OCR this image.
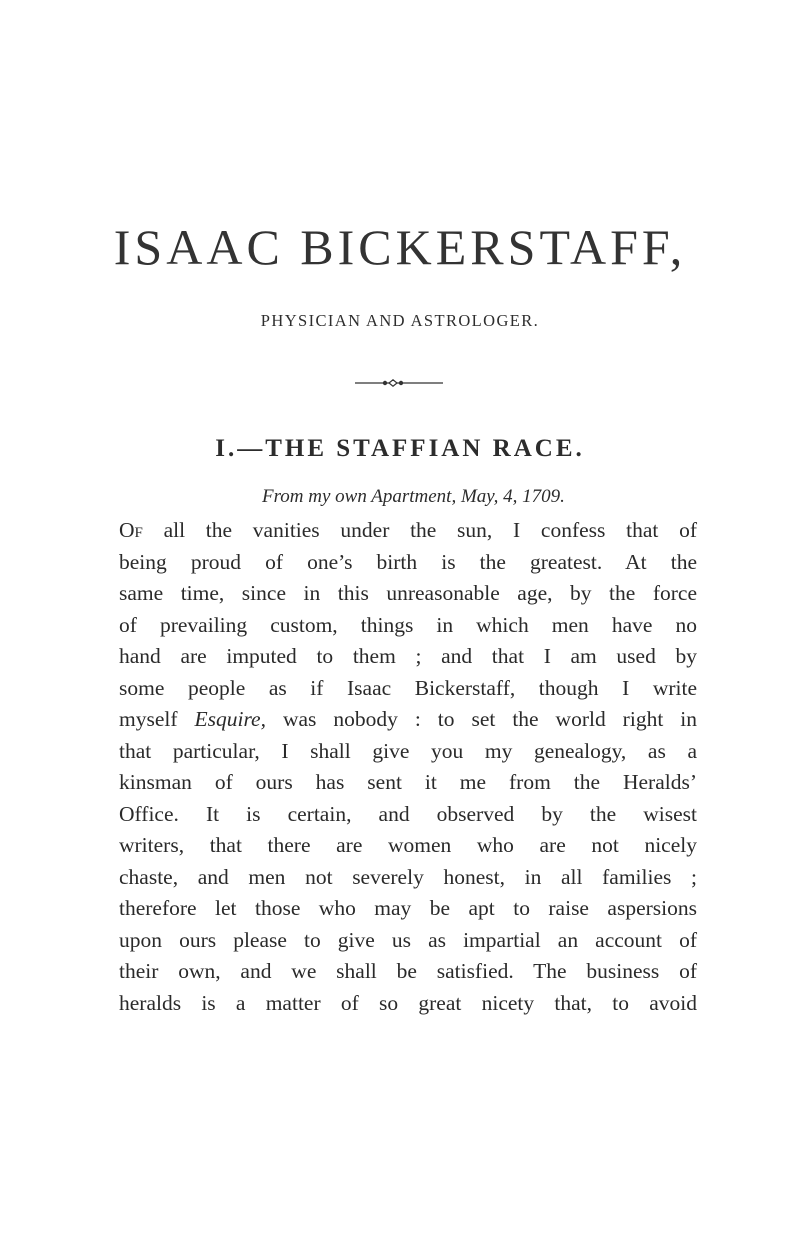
ISAAC BICKERSTAFF,
PHYSICIAN AND ASTROLOGER.
I.—THE STAFFIAN RACE.
From my own Apartment, May, 4, 1709.
Of all the vanities under the sun, I confess that of
being proud of one’s birth is the greatest. At the
same time, since in this unreasonable age, by the force
of prevailing custom, things in which men have no
hand are imputed to them ; and that I am used by
some people as if Isaac Bickerstaff, though I write
myself Esquire, was nobody : to set the world right in
that particular, I shall give you my genealogy, as a
kinsman of ours has sent it me from the Heralds’
Office. It is certain, and observed by the wisest
writers, that there are women who are not nicely
chaste, and men not severely honest, in all families ;
therefore let those who may be apt to raise aspersions
upon ours please to give us as impartial an account of
their own, and we shall be satisfied. The business of
heralds is a matter of so great nicety that, to avoid
